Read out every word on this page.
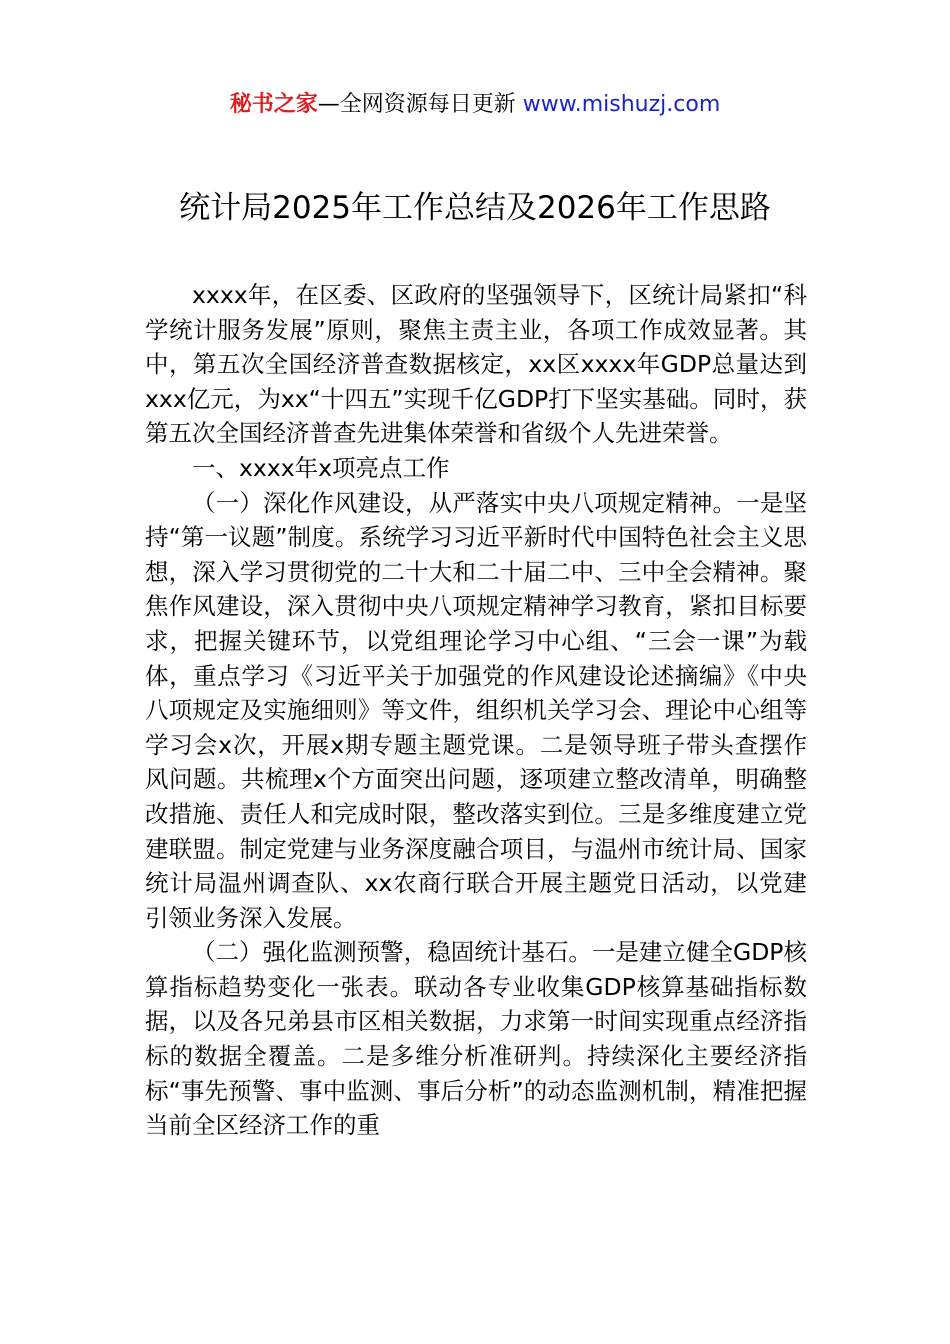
秘书之家—全网资源每日更新 www.mishuzj.com
统计局2025年工作总结及2026年工作思路

xxxx年，在区委、区政府的坚强领导下，区统计局紧扣“科学统计服务发展”原则，聚焦主责主业，各项工作成效显著。其中，第五次全国经济普查数据核定，xx区xxxx年GDP总量达到xxx亿元，为xx“十四五”实现千亿GDP打下坚实基础。同时，获第五次全国经济普查先进集体荣誉和省级个人先进荣誉。

一、xxxx年x项亮点工作

（一）深化作风建设，从严落实中央八项规定精神。一是坚持“第一议题”制度。系统学习习近平新时代中国特色社会主义思想，深入学习贯彻党的二十大和二十届二中、三中全会精神。聚焦作风建设，深入贯彻中央八项规定精神学习教育，紧扣目标要求，把握关键环节，以党组理论学习中心组、“三会一课”为载体，重点学习《习近平关于加强党的作风建设论述摘编》《中央八项规定及实施细则》等文件，组织机关学习会、理论中心组等学习会x次，开展x期专题主题党课。二是领导班子带头查摆作风问题。共梳理x个方面突出问题，逐项建立整改清单，明确整改措施、责任人和完成时限，整改落实到位。三是多维度建立党建联盟。制定党建与业务深度融合项目，与温州市统计局、国家统计局温州调查队、xx农商行联合开展主题党日活动，以党建引领业务深入发展。

（二）强化监测预警，稳固统计基石。一是建立健全GDP核算指标趋势变化一张表。联动各专业收集GDP核算基础指标数据，以及各兄弟县市区相关数据，力求第一时间实现重点经济指标的数据全覆盖。二是多维分析准研判。持续深化主要经济指标“事先预警、事中监测、事后分析”的动态监测机制，精准把握当前全区经济工作的重
